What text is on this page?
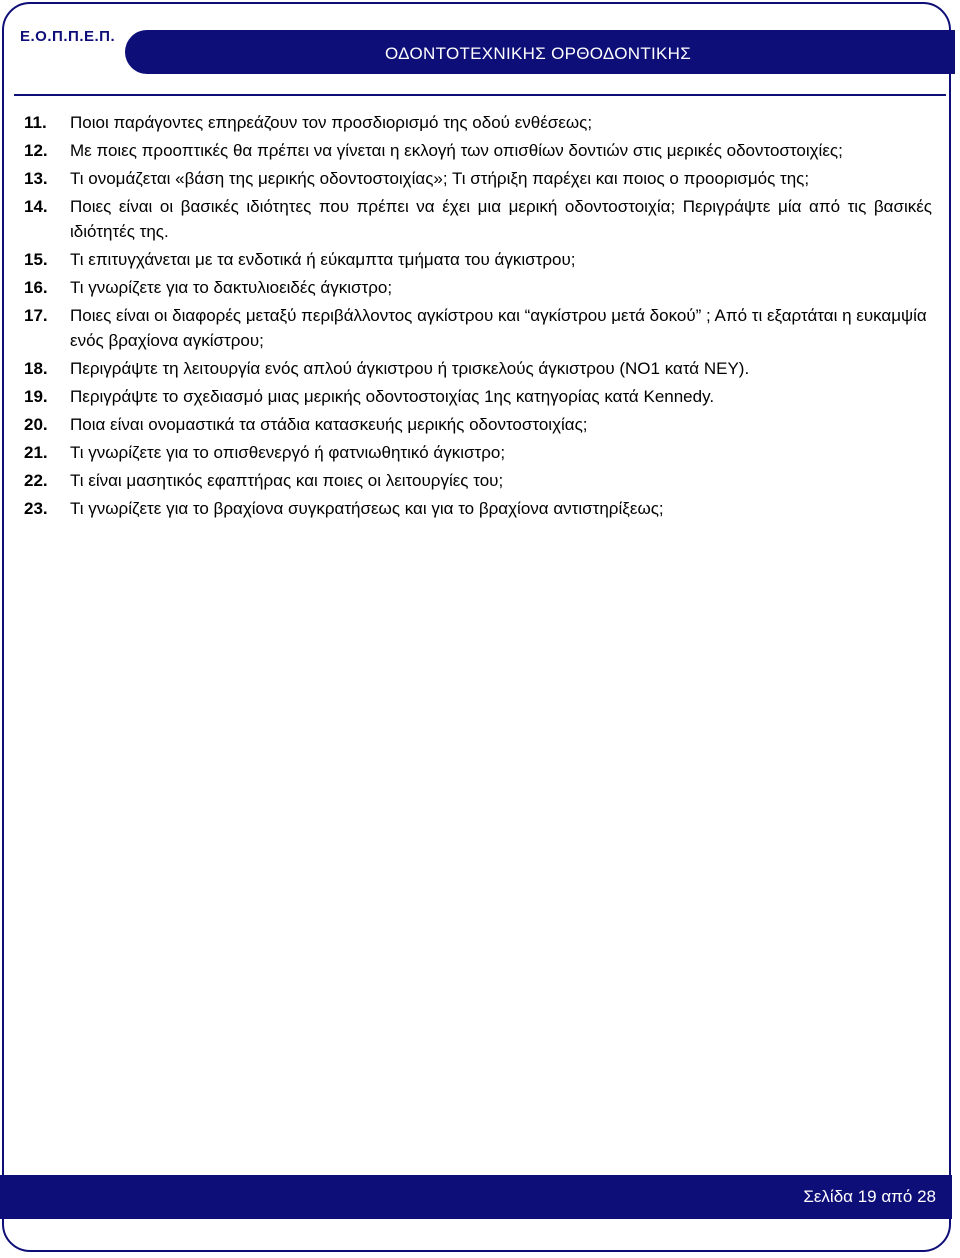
Ε.Ο.Π.Π.Ε.Π.
ΟΔΟΝΤΟΤΕΧΝΙΚΗΣ ΟΡΘΟΔΟΝΤΙΚΗΣ
11.	Ποιοι παράγοντες επηρεάζουν τον προσδιορισμό της οδού ενθέσεως;
12.	Με ποιες προοπτικές θα πρέπει να γίνεται η εκλογή των οπισθίων δοντιών στις μερικές οδοντοστοιχίες;
13.	Τι ονομάζεται «βάση της μερικής οδοντοστοιχίας»; Τι στήριξη παρέχει και ποιος ο προορισμός της;
14.	Ποιες είναι οι βασικές ιδιότητες που πρέπει να έχει μια μερική οδοντοστοιχία; Περιγράψτε μία από τις βασικές ιδιότητές της.
15.	Τι επιτυγχάνεται με τα ενδοτικά ή εύκαμπτα τμήματα του άγκιστρου;
16.	Τι γνωρίζετε για το δακτυλιοειδές άγκιστρο;
17.	Ποιες είναι οι διαφορές μεταξύ περιβάλλοντος αγκίστρου και “αγκίστρου μετά δοκού” ; Από τι εξαρτάται η ευκαμψία ενός βραχίονα αγκίστρου;
18.	Περιγράψτε τη λειτουργία ενός απλού άγκιστρου ή τρισκελούς άγκιστρου (ΝΟ1 κατά ΝΕΥ).
19.	Περιγράψτε το σχεδιασμό μιας μερικής οδοντοστοιχίας 1ης κατηγορίας κατά Kennedy.
20.	Ποια είναι ονομαστικά τα στάδια κατασκευής μερικής οδοντοστοιχίας;
21.	Τι γνωρίζετε για το οπισθενεργό ή φατνιωθητικό άγκιστρο;
22.	Τι είναι μασητικός εφαπτήρας και ποιες οι λειτουργίες του;
23.	Τι γνωρίζετε για το βραχίονα συγκρατήσεως και για το βραχίονα αντιστηρίξεως;
Σελίδα 19 από 28
